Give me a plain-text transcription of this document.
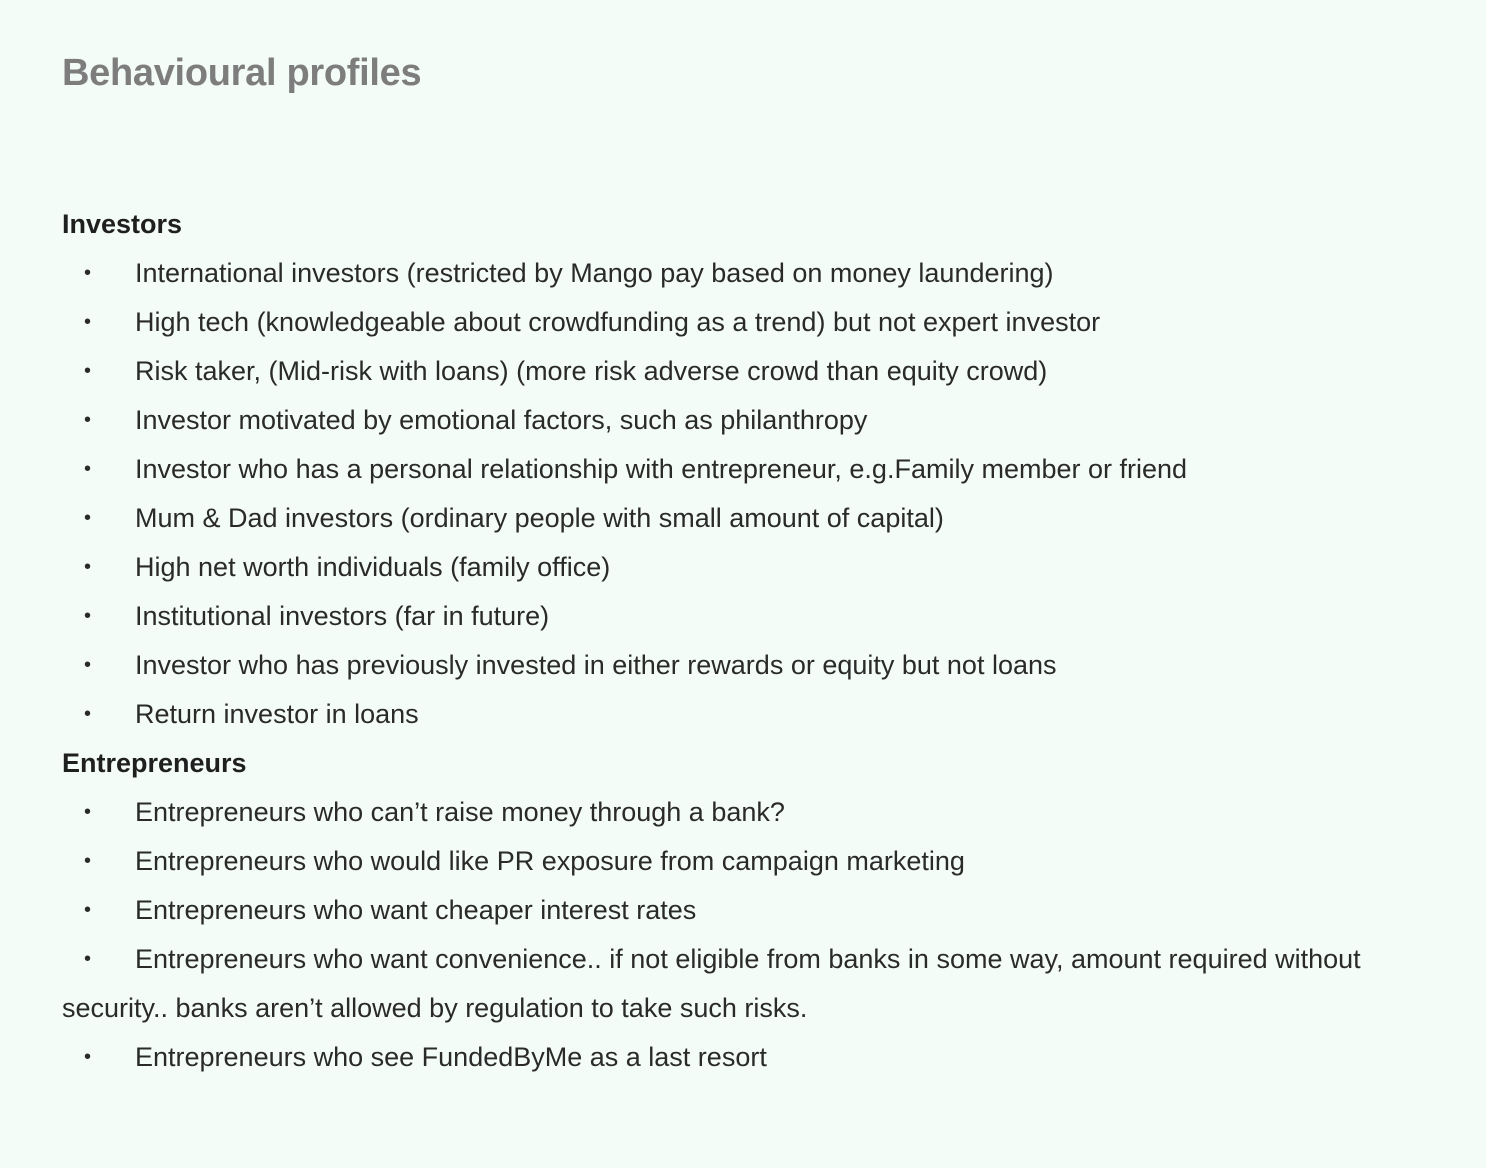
Behavioural profiles
Investors
• International investors (restricted by Mango pay based on money laundering)
• High tech (knowledgeable about crowdfunding as a trend) but not expert investor
• Risk taker, (Mid-risk with loans) (more risk adverse crowd than equity crowd)
• Investor motivated by emotional factors, such as philanthropy
• Investor who has a personal relationship with entrepreneur, e.g.Family member or friend
• Mum & Dad investors (ordinary people with small amount of capital)
• High net worth individuals (family office)
• Institutional investors (far in future)
• Investor who has previously invested in either rewards or equity but not loans
• Return investor in loans
Entrepreneurs
• Entrepreneurs who can’t raise money through a bank?
• Entrepreneurs who would like PR exposure from campaign marketing
• Entrepreneurs who want cheaper interest rates
• Entrepreneurs who want convenience.. if not eligible from banks in some way, amount required without security.. banks aren’t allowed by regulation to take such risks.
• Entrepreneurs who see FundedByMe as a last resort
